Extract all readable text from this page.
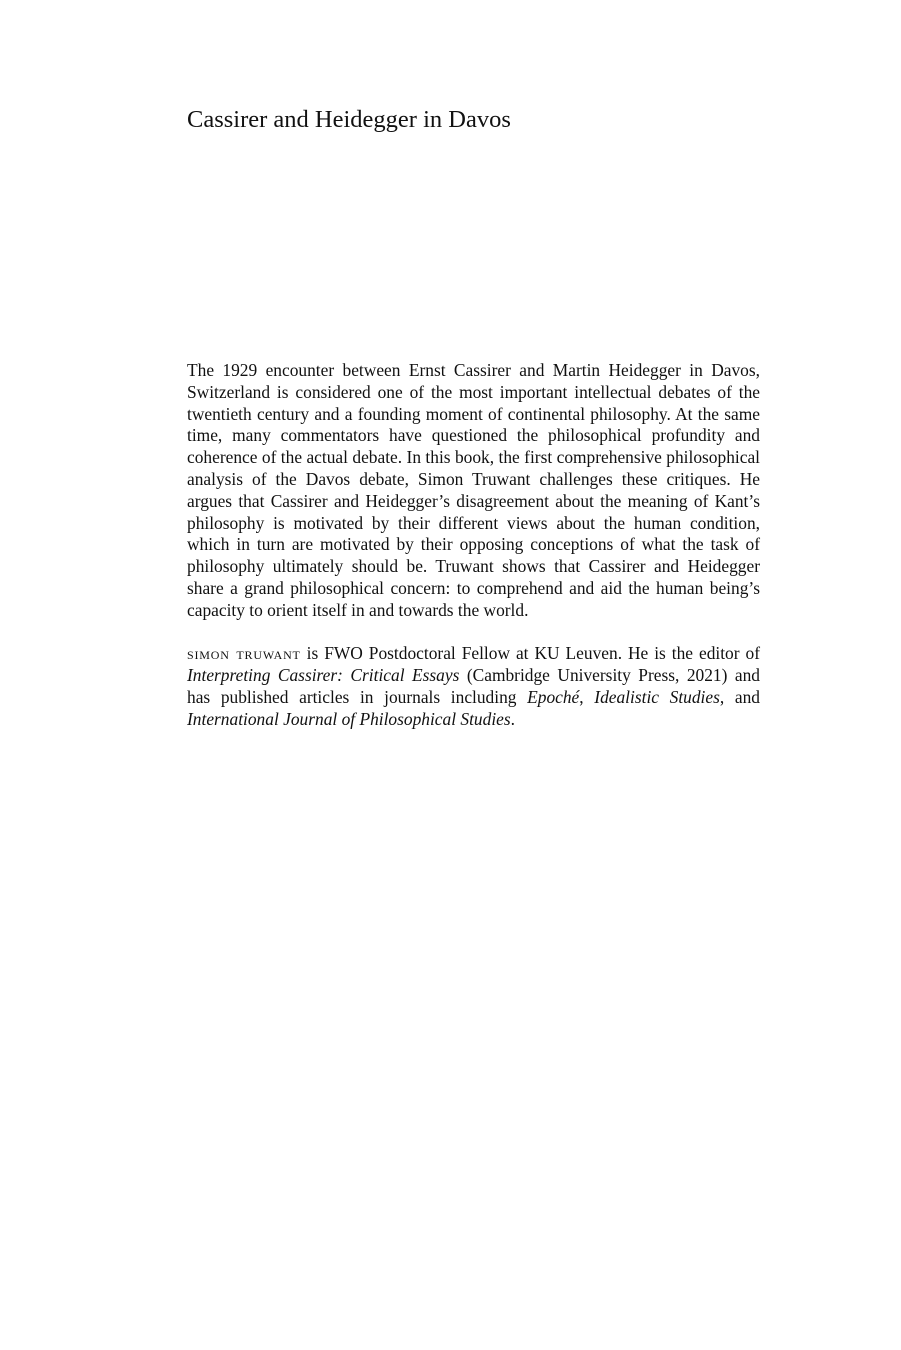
Cassirer and Heidegger in Davos

The 1929 encounter between Ernst Cassirer and Martin Heidegger in Davos, Switzerland is considered one of the most important intellectual debates of the twentieth century and a founding moment of continental philosophy. At the same time, many commentators have questioned the philosophical profundity and coherence of the actual debate. In this book, the first comprehensive philosophical analysis of the Davos debate, Simon Truwant challenges these critiques. He argues that Cassirer and Heidegger’s disagreement about the meaning of Kant’s philosophy is motivated by their different views about the human condition, which in turn are motivated by their opposing conceptions of what the task of philosophy ultimately should be. Truwant shows that Cassirer and Heidegger share a grand philosophical concern: to comprehend and aid the human being’s capacity to orient itself in and towards the world.

simon truwant is FWO Postdoctoral Fellow at KU Leuven. He is the editor of Interpreting Cassirer: Critical Essays (Cambridge University Press, 2021) and has published articles in journals including Epoché, Idealistic Studies, and International Journal of Philosophical Studies.
